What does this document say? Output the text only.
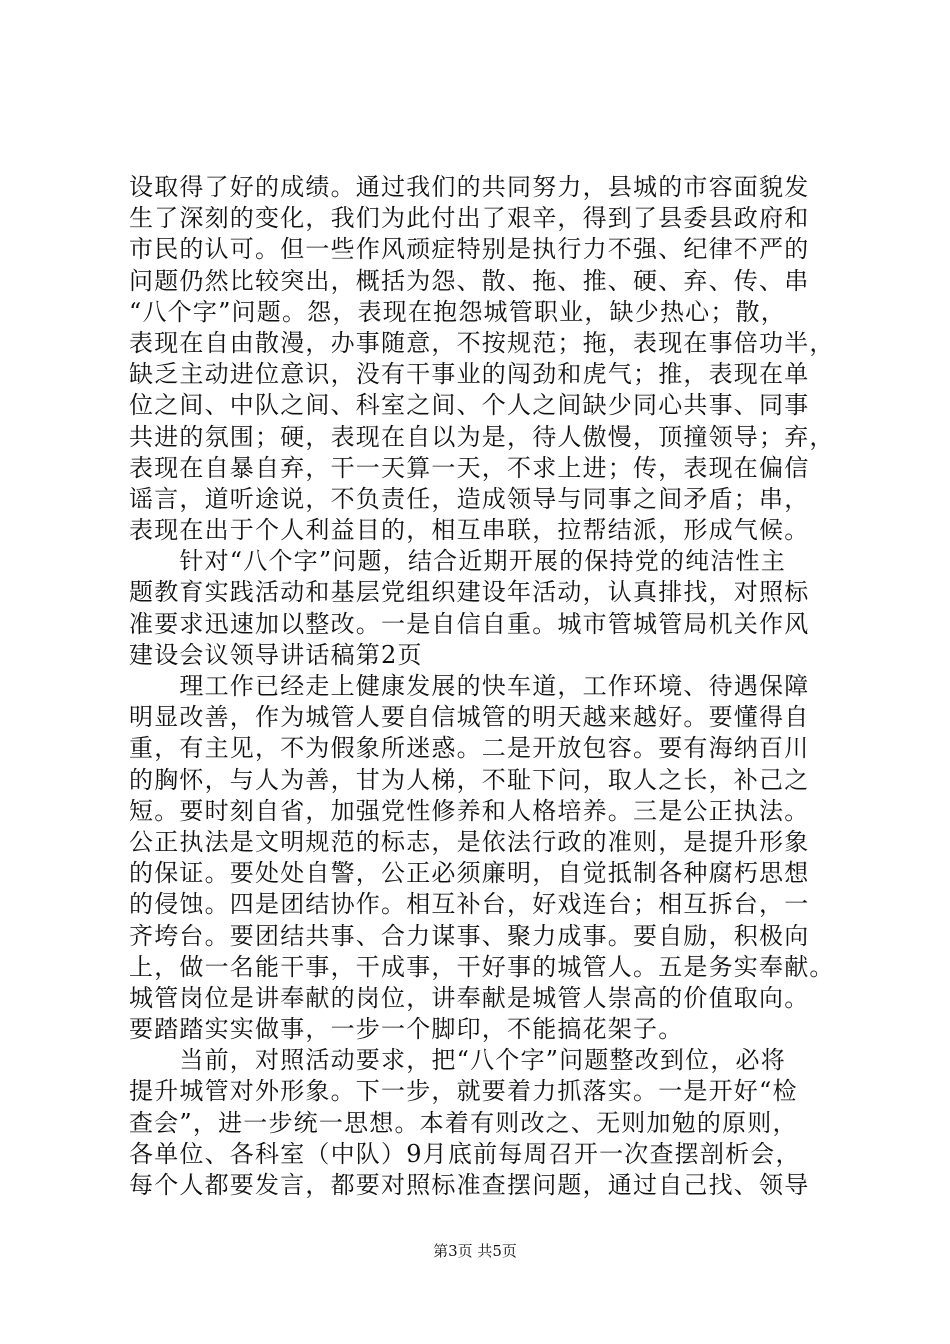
设取得了好的成绩。通过我们的共同努力，县城的市容面貌发
生了深刻的变化，我们为此付出了艰辛，得到了县委县政府和
市民的认可。但一些作风顽症特别是执行力不强、纪律不严的
问题仍然比较突出，概括为怨、散、拖、推、硬、弃、传、串
“八个字”问题。怨，表现在抱怨城管职业，缺少热心；散，
表现在自由散漫，办事随意，不按规范；拖，表现在事倍功半，
缺乏主动进位意识，没有干事业的闯劲和虎气；推，表现在单
位之间、中队之间、科室之间、个人之间缺少同心共事、同事
共进的氛围；硬，表现在自以为是，待人傲慢，顶撞领导；弃，
表现在自暴自弃，干一天算一天，不求上进；传，表现在偏信
谣言，道听途说，不负责任，造成领导与同事之间矛盾；串，
表现在出于个人利益目的，相互串联，拉帮结派，形成气候。
　　针对“八个字”问题，结合近期开展的保持党的纯洁性主
题教育实践活动和基层党组织建设年活动，认真排找，对照标
准要求迅速加以整改。一是自信自重。城市管城管局机关作风
建设会议领导讲话稿第2页
　　理工作已经走上健康发展的快车道，工作环境、待遇保障
明显改善，作为城管人要自信城管的明天越来越好。要懂得自
重，有主见，不为假象所迷惑。二是开放包容。要有海纳百川
的胸怀，与人为善，甘为人梯，不耻下问，取人之长，补己之
短。要时刻自省，加强党性修养和人格培养。三是公正执法。
公正执法是文明规范的标志，是依法行政的准则，是提升形象
的保证。要处处自警，公正必须廉明，自觉抵制各种腐朽思想
的侵蚀。四是团结协作。相互补台，好戏连台；相互拆台，一
齐垮台。要团结共事、合力谋事、聚力成事。要自励，积极向
上，做一名能干事，干成事，干好事的城管人。五是务实奉献。
城管岗位是讲奉献的岗位，讲奉献是城管人崇高的价值取向。
要踏踏实实做事，一步一个脚印，不能搞花架子。
　　当前，对照活动要求，把“八个字”问题整改到位，必将
提升城管对外形象。下一步，就要着力抓落实。一是开好“检
查会”，进一步统一思想。本着有则改之、无则加勉的原则，
各单位、各科室（中队）9月底前每周召开一次查摆剖析会，
每个人都要发言，都要对照标准查摆问题，通过自己找、领导
第3页 共5页
